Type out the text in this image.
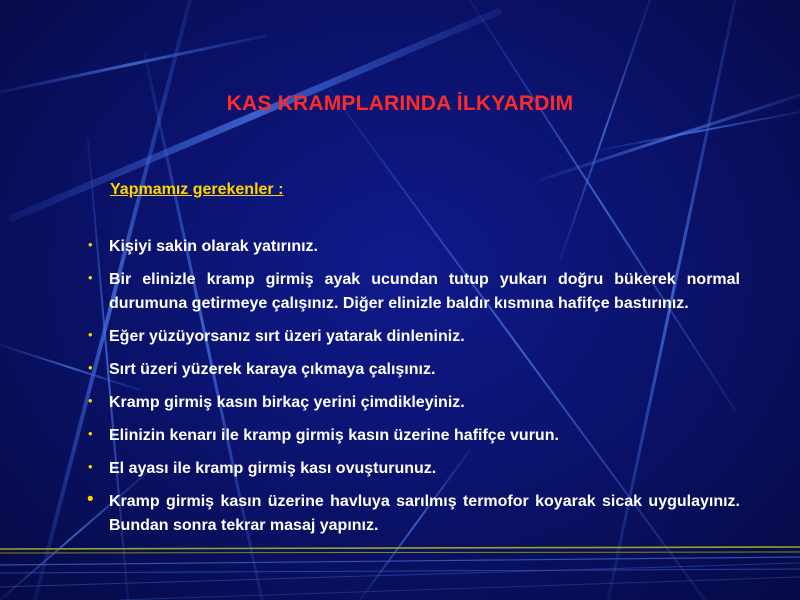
KAS KRAMPLARINDA İLKYARDIM
Yapmamız gerekenler :
• Kişiyi sakin olarak yatırınız.
• Bir elinizle kramp girmiş ayak ucundan tutup yukarı doğru bükerek normal durumuna getirmeye çalışınız. Diğer elinizle baldır kısmına hafifçe bastırınız.
• Eğer yüzüyorsanız sırt üzeri yatarak dinleniniz.
• Sırt üzeri yüzerek karaya çıkmaya çalışınız.
• Kramp girmiş kasın birkaç yerini çimdikleyiniz.
• Elinizin kenarı ile kramp girmiş kasın üzerine hafifçe vurun.
• El ayası ile kramp girmiş kası ovuşturunuz.
• Kramp girmiş kasın üzerine havluya sarılmış termofor koyarak sicak uygulayınız. Bundan sonra tekrar masaj yapınız.
